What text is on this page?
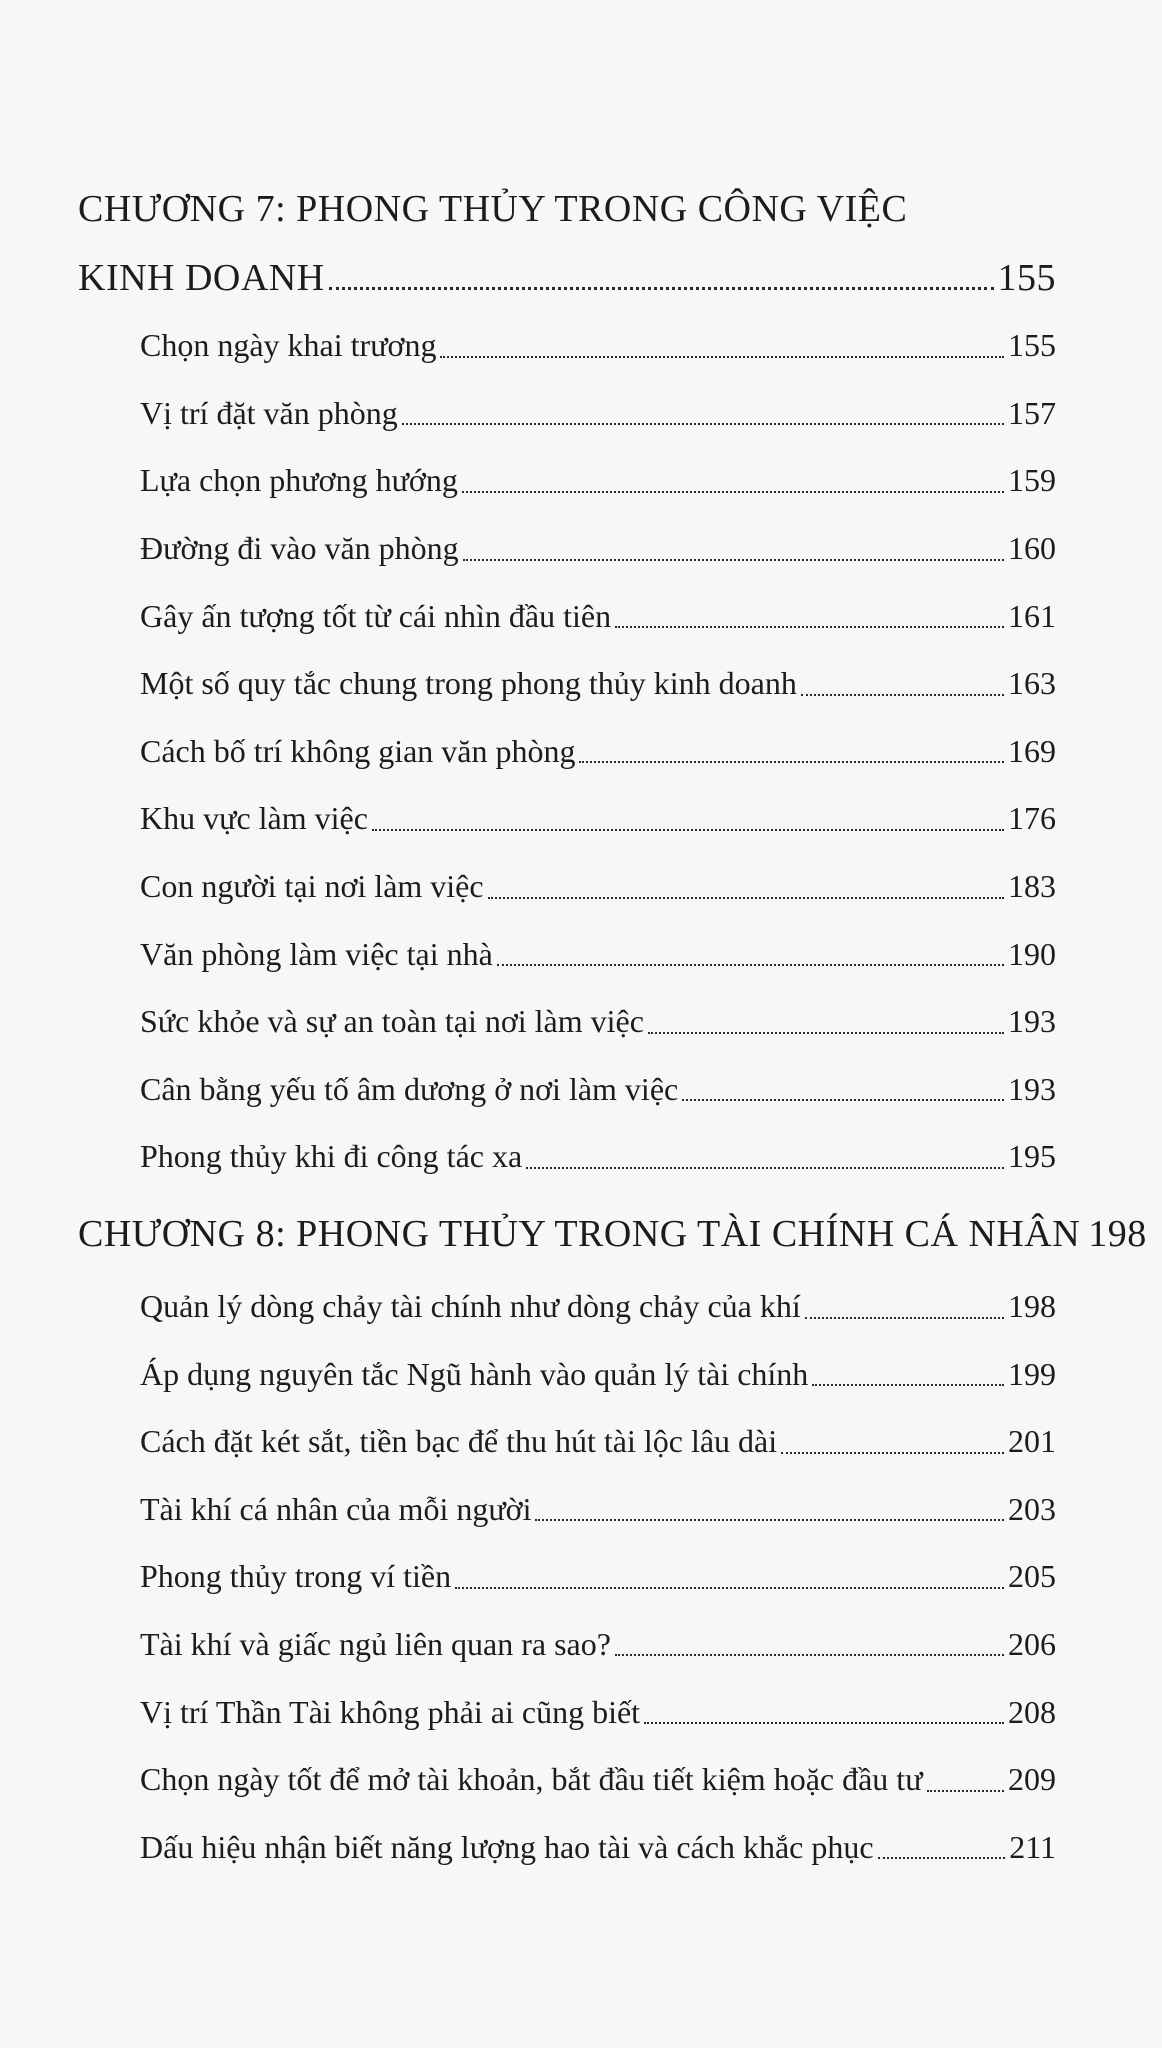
CHƯƠNG 7: PHONG THỦY TRONG CÔNG VIỆC
KINH DOANH	155
Chọn ngày khai trương	155
Vị trí đặt văn phòng	157
Lựa chọn phương hướng	159
Đường đi vào văn phòng	160
Gây ấn tượng tốt từ cái nhìn đầu tiên	161
Một số quy tắc chung trong phong thủy kinh doanh	163
Cách bố trí không gian văn phòng	169
Khu vực làm việc	176
Con người tại nơi làm việc	183
Văn phòng làm việc tại nhà	190
Sức khỏe và sự an toàn tại nơi làm việc	193
Cân bằng yếu tố âm dương ở nơi làm việc	193
Phong thủy khi đi công tác xa	195
CHƯƠNG 8: PHONG THỦY TRONG TÀI CHÍNH CÁ NHÂN 198
Quản lý dòng chảy tài chính như dòng chảy của khí	198
Áp dụng nguyên tắc Ngũ hành vào quản lý tài chính	199
Cách đặt két sắt, tiền bạc để thu hút tài lộc lâu dài	201
Tài khí cá nhân của mỗi người	203
Phong thủy trong ví tiền	205
Tài khí và giấc ngủ liên quan ra sao?	206
Vị trí Thần Tài không phải ai cũng biết	208
Chọn ngày tốt để mở tài khoản, bắt đầu tiết kiệm hoặc đầu tư	209
Dấu hiệu nhận biết năng lượng hao tài và cách khắc phục	211
